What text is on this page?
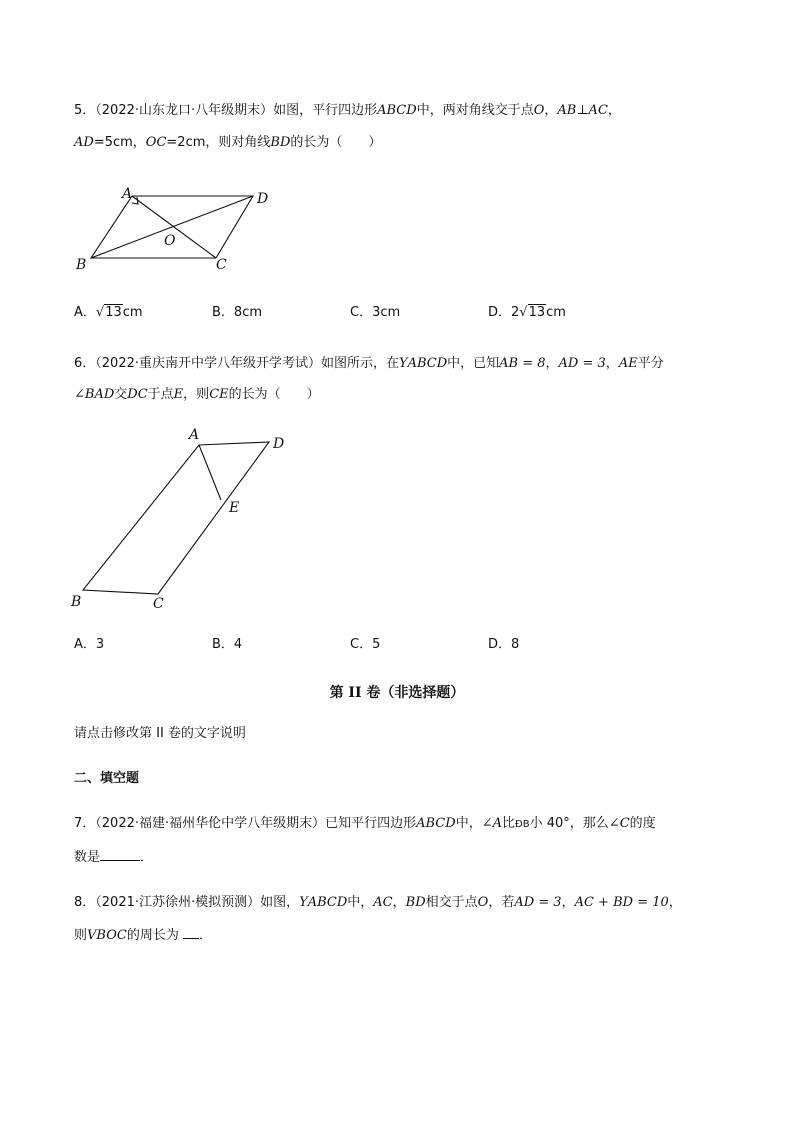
5．（2022·山东龙口·八年级期末）如图，平行四边形ABCD中，两对角线交于点O，AB⊥AC，
AD=5cm，OC=2cm，则对角线BD的长为（　　）
A	D
O
B	C
A．√13cm	B．8cm	C．3cm	D．2√13cm
6．（2022·重庆南开中学八年级开学考试）如图所示，在ΥABCD中，已知AB = 8，AD = 3，AE平分
∠BAD交DC于点E，则CE的长为（　　）
A
D
E
B	C
A．3	B．4	C．5	D．8
第 II 卷（非选择题）
请点击修改第 II 卷的文字说明
二、填空题
7．（2022·福建·福州华伦中学八年级期末）已知平行四边形ABCD中，∠A比ÐB小 40°，那么∠C的度
数是	．
8．（2021·江苏徐州·模拟预测）如图，ΥABCD中，AC，BD相交于点O，若AD = 3，AC + BD = 10，
则VBOC的周长为 ．
